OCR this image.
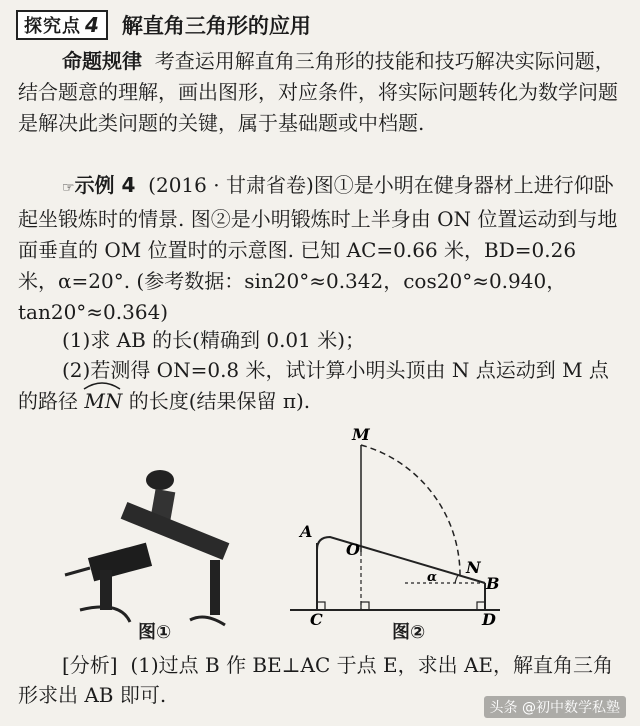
探究点 4 解直角三角形的应用
命题规律 考查运用解直角三角形的技能和技巧解决实际问题，结合题意的理解，画出图形，对应条件，将实际问题转化为数学问题是解决此类问题的关键，属于基础题或中档题.
☞示例 4 (2016 · 甘肃省卷)图①是小明在健身器材上进行仰卧起坐锻炼时的情景. 图②是小明锻炼时上半身由 ON 位置运动到与地面垂直的 OM 位置时的示意图. 已知 AC=0.66 米，BD=0.26 米，α=20°. (参考数据：sin20°≈0.342，cos20°≈0.940，tan20°≈0.364)
(1)求 AB 的长(精确到 0.01 米)；
(2)若测得 ON=0.8 米，试计算小明头顶由 N 点运动到 M 点的路径 MN 的长度(结果保留 π).
图①
M
A
O
N
B
C	D
α
图②
[分析] (1)过点 B 作 BE⊥AC 于点 E，求出 AE，解直角三角形求出 AB 即可.
头条 @初中数学私塾
